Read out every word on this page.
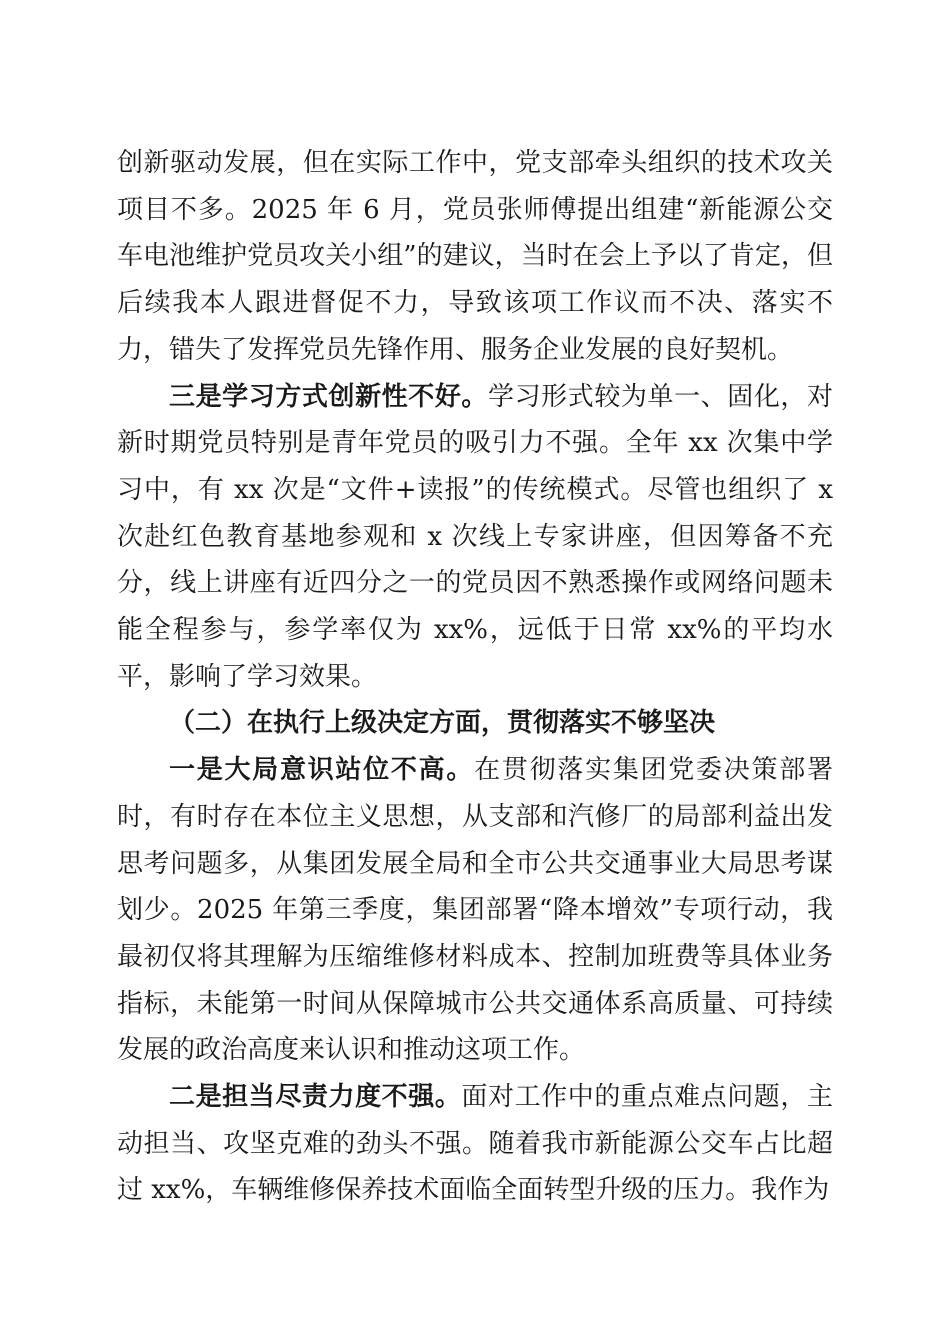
创新驱动发展，但在实际工作中，党支部牵头组织的技术攻关项目不多。2025 年 6 月，党员张师傅提出组建“新能源公交车电池维护党员攻关小组”的建议，当时在会上予以了肯定，但后续我本人跟进督促不力，导致该项工作议而不决、落实不力，错失了发挥党员先锋作用、服务企业发展的良好契机。

三是学习方式创新性不好。学习形式较为单一、固化，对新时期党员特别是青年党员的吸引力不强。全年 xx 次集中学习中，有 xx 次是“文件+读报”的传统模式。尽管也组织了 x 次赴红色教育基地参观和 x 次线上专家讲座，但因筹备不充分，线上讲座有近四分之一的党员因不熟悉操作或网络问题未能全程参与，参学率仅为 xx%，远低于日常 xx%的平均水平，影响了学习效果。

（二）在执行上级决定方面，贯彻落实不够坚决

一是大局意识站位不高。在贯彻落实集团党委决策部署时，有时存在本位主义思想，从支部和汽修厂的局部利益出发思考问题多，从集团发展全局和全市公共交通事业大局思考谋划少。2025 年第三季度，集团部署“降本增效”专项行动，我最初仅将其理解为压缩维修材料成本、控制加班费等具体业务指标，未能第一时间从保障城市公共交通体系高质量、可持续发展的政治高度来认识和推动这项工作。

二是担当尽责力度不强。面对工作中的重点难点问题，主动担当、攻坚克难的劲头不强。随着我市新能源公交车占比超过 xx%，车辆维修保养技术面临全面转型升级的压力。我作为
